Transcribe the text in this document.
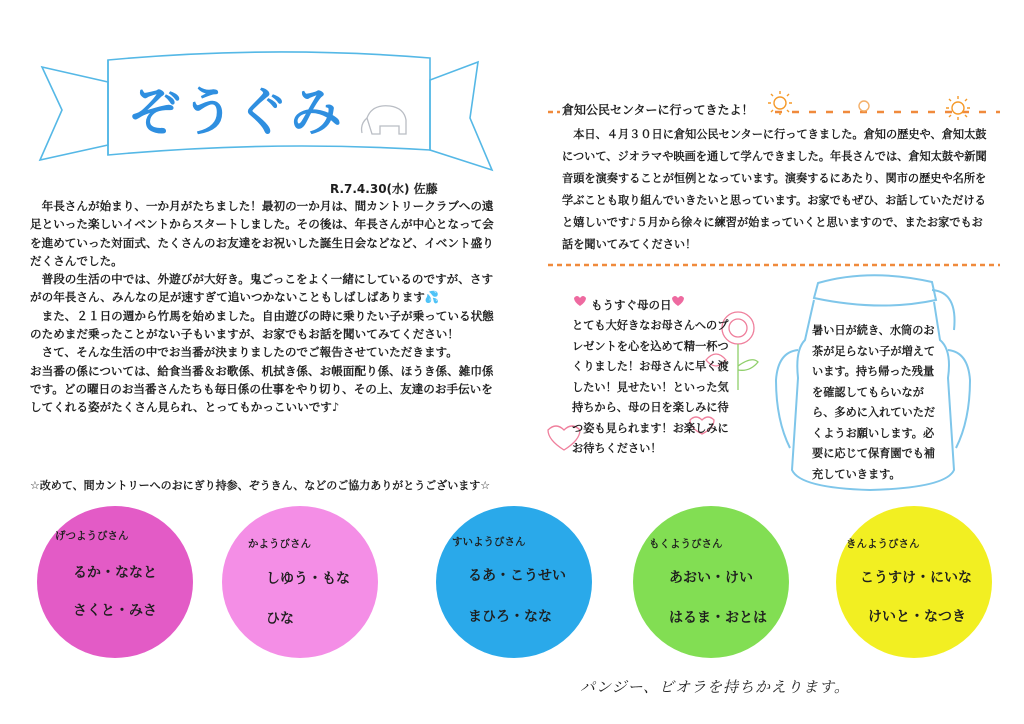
ぞうぐみ
R.7.4.30(水) 佐藤

　年長さんが始まり、一か月がたちました！最初の一か月は、間カントリークラブへの遠足といった楽しいイベントからスタートしました。その後は、年長さんが中心となって会を進めていった対面式、たくさんのお友達をお祝いした誕生日会などなど、イベント盛りだくさんでした。

　普段の生活の中では、外遊びが大好き。鬼ごっこをよく一緒にしているのですが、さすがの年長さん、みんなの足が速すぎて追いつかないこともしばしばあります💦

　また、２１日の週から竹馬を始めました。自由遊びの時に乗りたい子が乗っている状態のためまだ乗ったことがない子もいますが、お家でもお話を聞いてみてください！

　さて、そんな生活の中でお当番が決まりましたのでご報告させていただきます。

お当番の係については、給食当番＆お歌係、机拭き係、お帳面配り係、ほうき係、雑巾係です。どの曜日のお当番さんたちも毎日係の仕事をやり切り、その上、友達のお手伝いをしてくれる姿がたくさん見られ、とってもかっこいいです♪

☆改めて、間カントリーへのおにぎり持参、ぞうきん、などのご協力ありがとうございます☆
倉知公民センターに行ってきたよ！
　本日、４月３０日に倉知公民センターに行ってきました。倉知の歴史や、倉知太鼓について、ジオラマや映画を通して学んできました。年長さんでは、倉知太鼓や新聞音頭を演奏することが恒例となっています。演奏するにあたり、関市の歴史や名所を学ぶことも取り組んでいきたいと思っています。お家でもぜひ、お話していただけると嬉しいです♪５月から徐々に練習が始まっていくと思いますので、またお家でもお話を聞いてみてください！
もうすぐ母の日
とても大好きなお母さんへのプレゼントを心を込めて精一杯つくりました！お母さんに早く渡したい！見せたい！といった気持ちから、母の日を楽しみに待つ姿も見られます！お楽しみにお待ちください！
暑い日が続き、水筒のお茶が足らない子が増えています。持ち帰った残量を確認してもらいながら、多めに入れていただくようお願いします。必要に応じて保育園でも補充していきます。
げつようびさん
るか・ななと
さくと・みさ
かようびさん
しゆう・もな
ひな
すいようびさん
るあ・こうせい
まひろ・なな
もくようびさん
あおい・けい
はるま・おとは
きんようびさん
こうすけ・にいな
けいと・なつき
パンジー、ビオラを持ちかえります。
